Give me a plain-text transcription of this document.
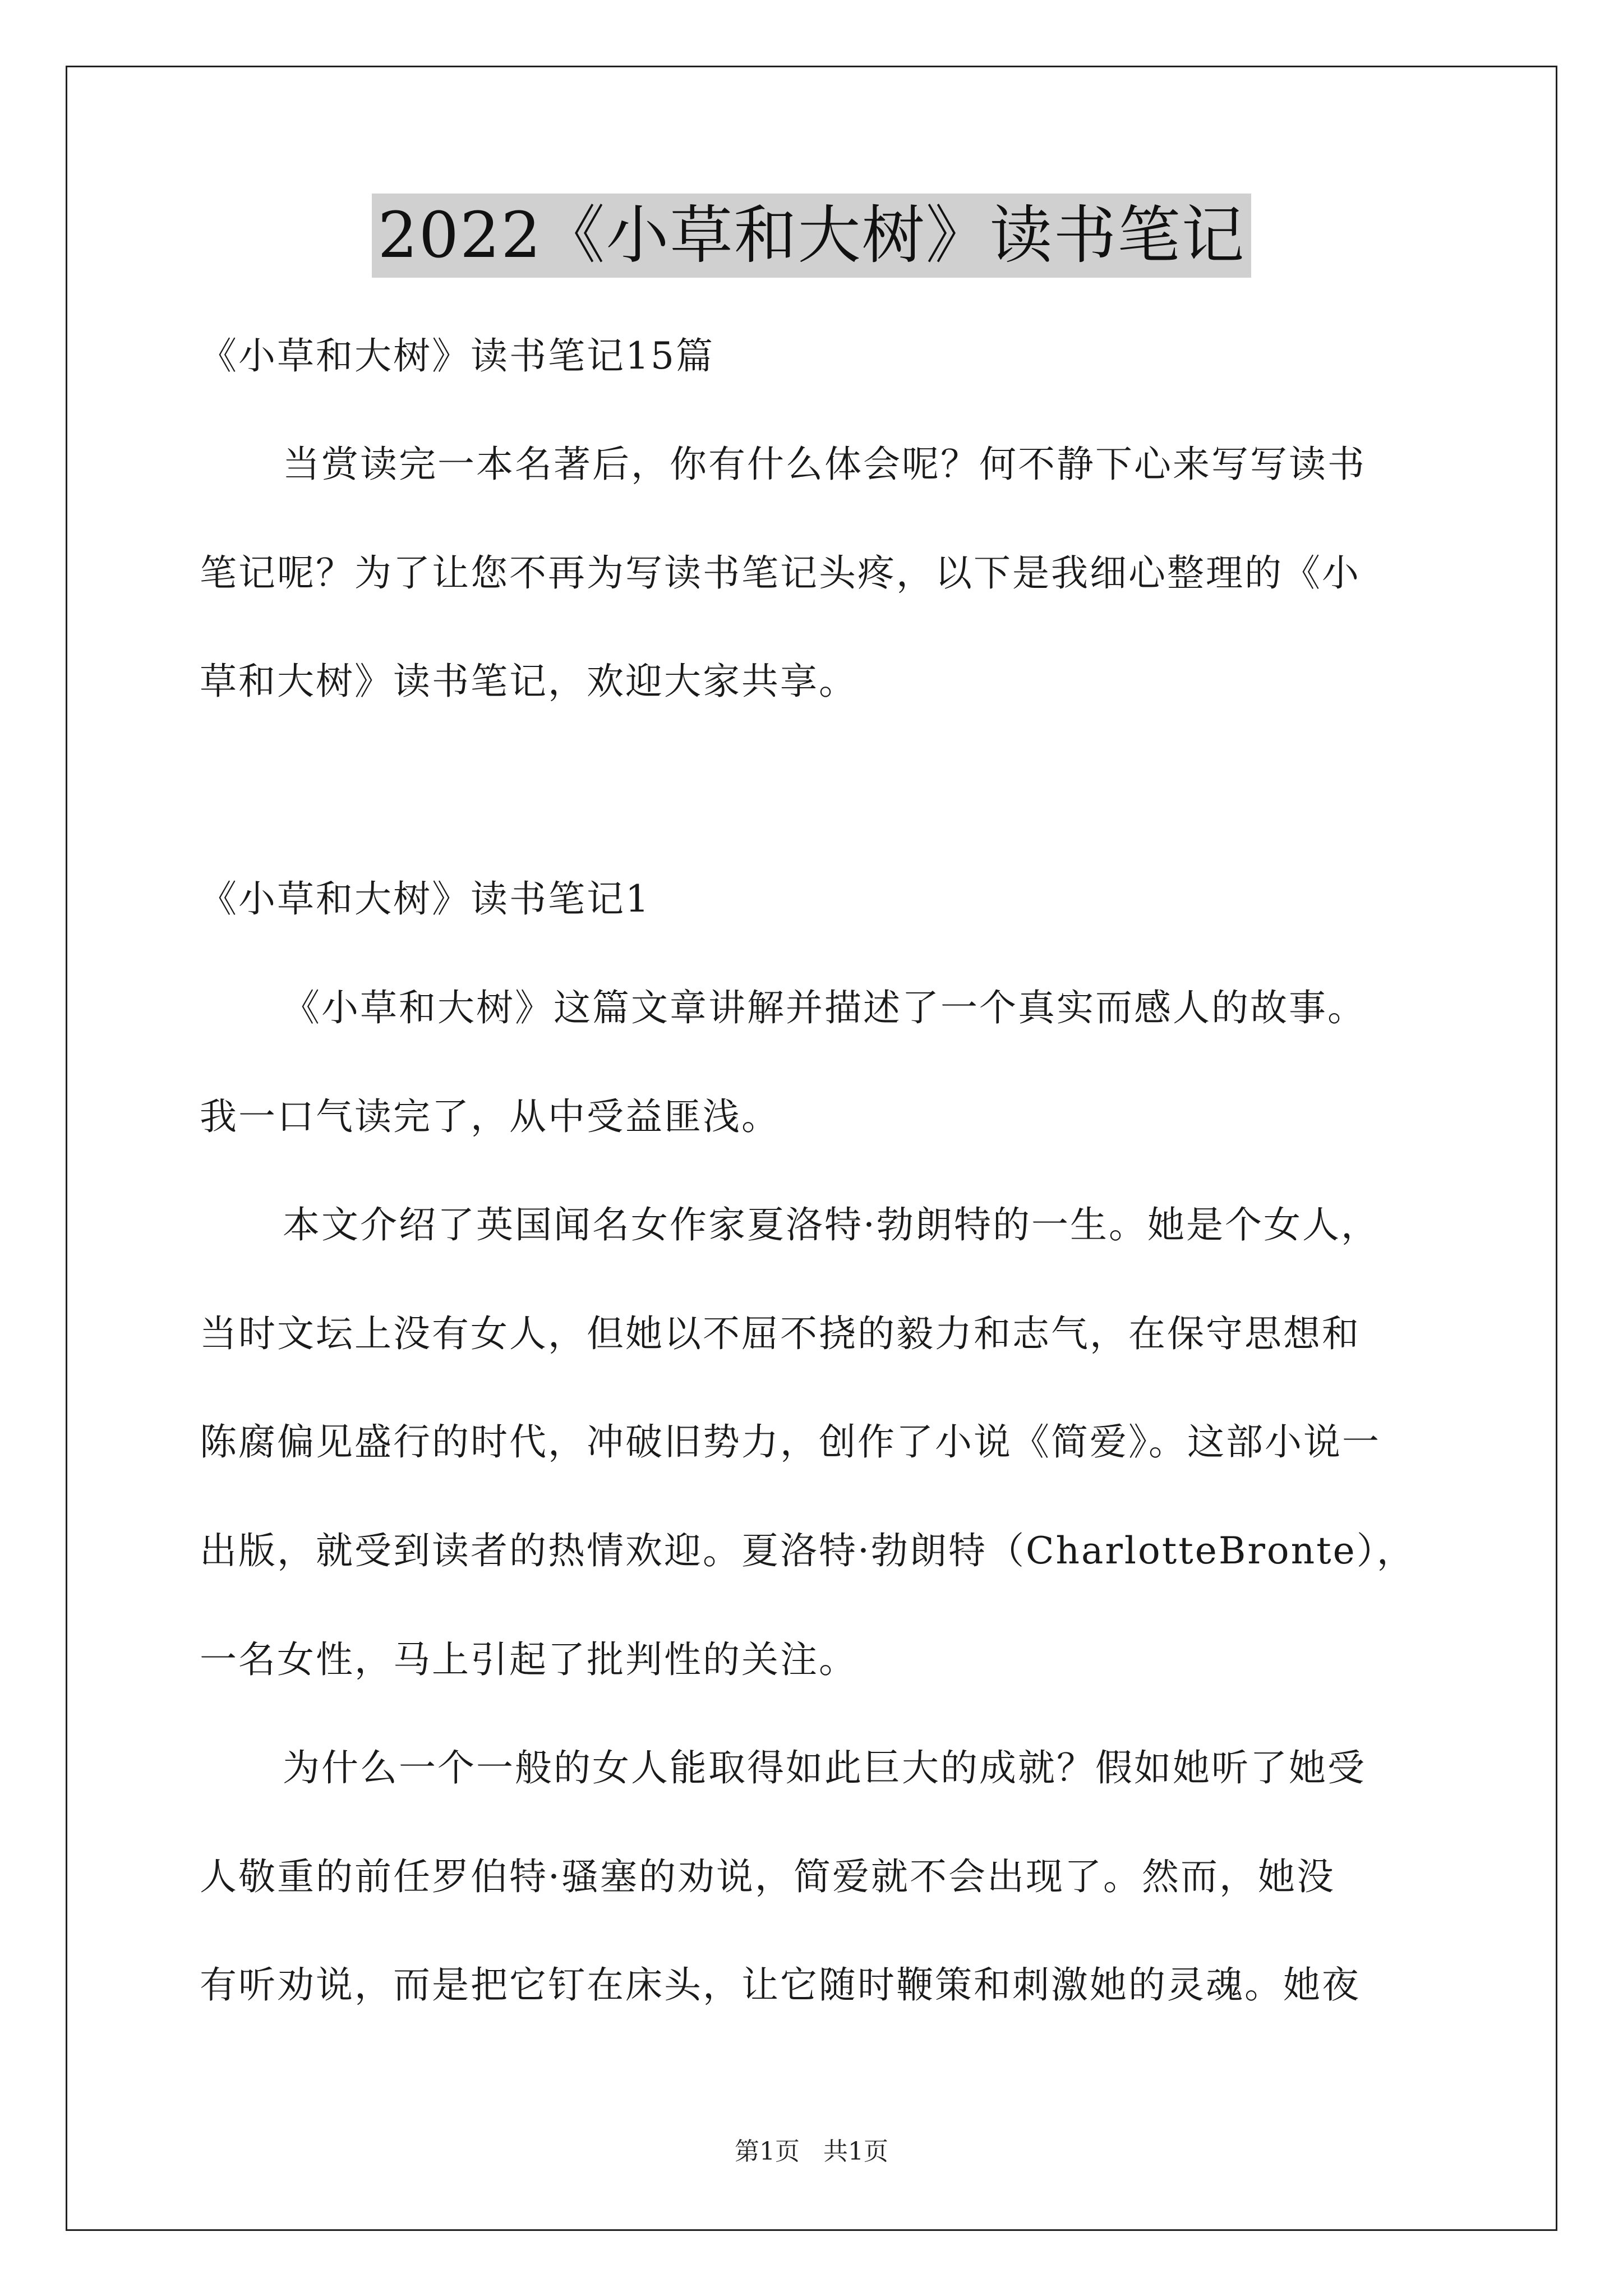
2022《小草和大树》读书笔记
《小草和大树》读书笔记15篇
当赏读完一本名著后，你有什么体会呢？何不静下心来写写读书
笔记呢？为了让您不再为写读书笔记头疼，以下是我细心整理的《小
草和大树》读书笔记，欢迎大家共享。
《小草和大树》读书笔记1
《小草和大树》这篇文章讲解并描述了一个真实而感人的故事。
我一口气读完了，从中受益匪浅。
本文介绍了英国闻名女作家夏洛特·勃朗特的一生。她是个女人，
当时文坛上没有女人，但她以不屈不挠的毅力和志气，在保守思想和
陈腐偏见盛行的时代，冲破旧势力，创作了小说《简爱》。这部小说一
出版，就受到读者的热情欢迎。夏洛特·勃朗特（CharlotteBronte），
一名女性，马上引起了批判性的关注。
为什么一个一般的女人能取得如此巨大的成就？假如她听了她受
人敬重的前任罗伯特·骚塞的劝说，简爱就不会出现了。然而，她没
有听劝说，而是把它钉在床头，让它随时鞭策和刺激她的灵魂。她夜
第1页   共1页
